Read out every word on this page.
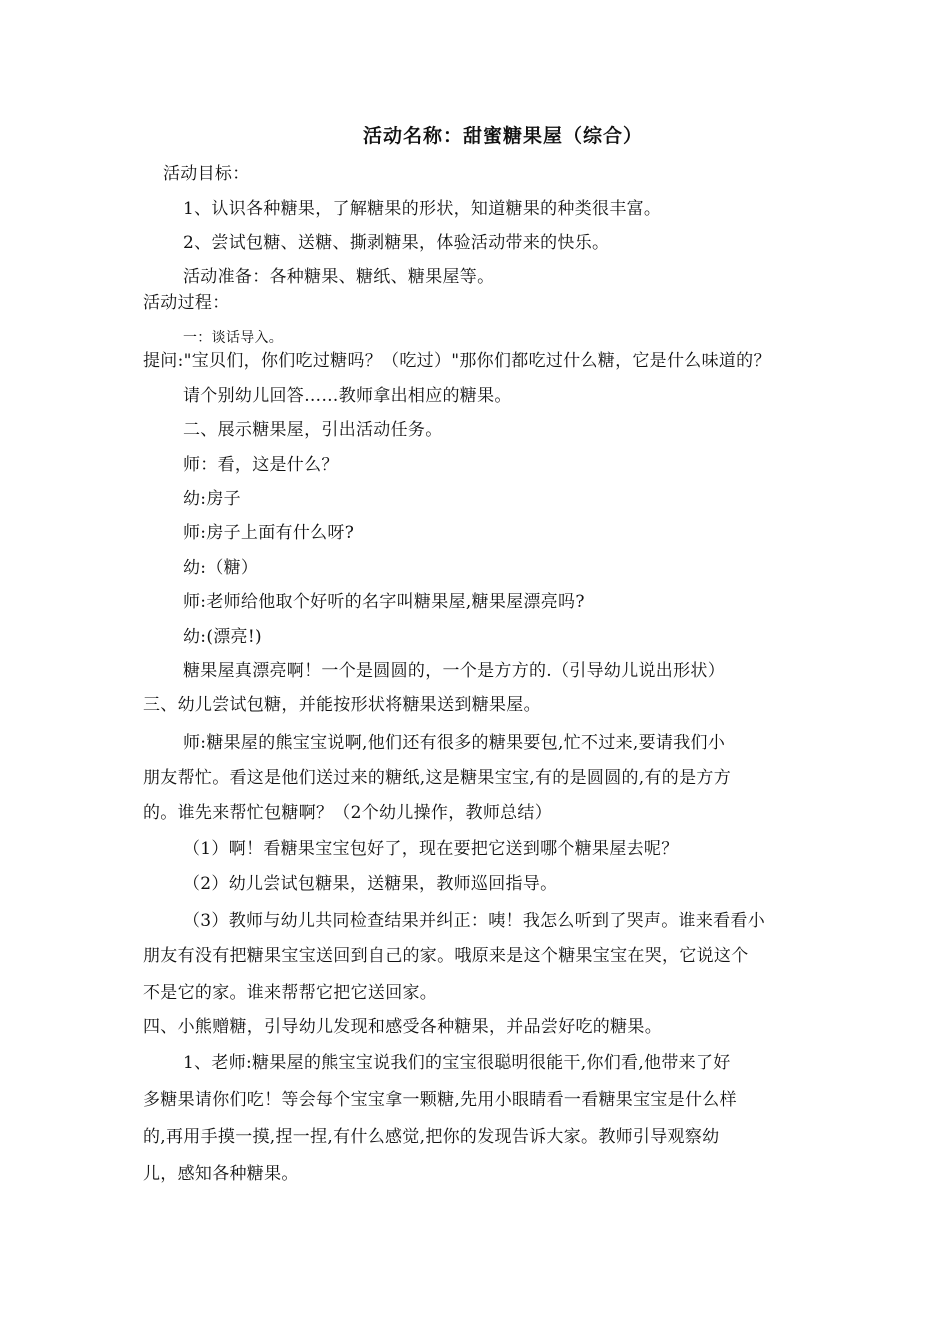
活动名称：甜蜜糖果屋（综合）
活动目标：
1、认识各种糖果，了解糖果的形状，知道糖果的种类很丰富。
2、尝试包糖、送糖、撕剥糖果，体验活动带来的快乐。
活动准备：各种糖果、糖纸、糖果屋等。
活动过程：
一：谈话导入。
提问:"宝贝们，你们吃过糖吗？（吃过）"那你们都吃过什么糖，它是什么味道的？
请个别幼儿回答……教师拿出相应的糖果。
二、展示糖果屋，引出活动任务。
师：看，这是什么？
幼:房子
师:房子上面有什么呀?
幼:（糖）
师:老师给他取个好听的名字叫糖果屋,糖果屋漂亮吗?
幼:(漂亮!)
糖果屋真漂亮啊！一个是圆圆的，一个是方方的.（引导幼儿说出形状）
三、幼儿尝试包糖，并能按形状将糖果送到糖果屋。
师:糖果屋的熊宝宝说啊,他们还有很多的糖果要包,忙不过来,要请我们小
朋友帮忙。看这是他们送过来的糖纸,这是糖果宝宝,有的是圆圆的,有的是方方
的。谁先来帮忙包糖啊？（2个幼儿操作，教师总结）
（1）啊！看糖果宝宝包好了，现在要把它送到哪个糖果屋去呢？
（2）幼儿尝试包糖果，送糖果，教师巡回指导。
（3）教师与幼儿共同检查结果并纠正：咦！我怎么听到了哭声。谁来看看小
朋友有没有把糖果宝宝送回到自己的家。哦原来是这个糖果宝宝在哭，它说这个
不是它的家。谁来帮帮它把它送回家。
四、小熊赠糖，引导幼儿发现和感受各种糖果，并品尝好吃的糖果。
1、老师:糖果屋的熊宝宝说我们的宝宝很聪明很能干,你们看,他带来了好
多糖果请你们吃！等会每个宝宝拿一颗糖,先用小眼睛看一看糖果宝宝是什么样
的,再用手摸一摸,捏一捏,有什么感觉,把你的发现告诉大家。教师引导观察幼
儿，感知各种糖果。
